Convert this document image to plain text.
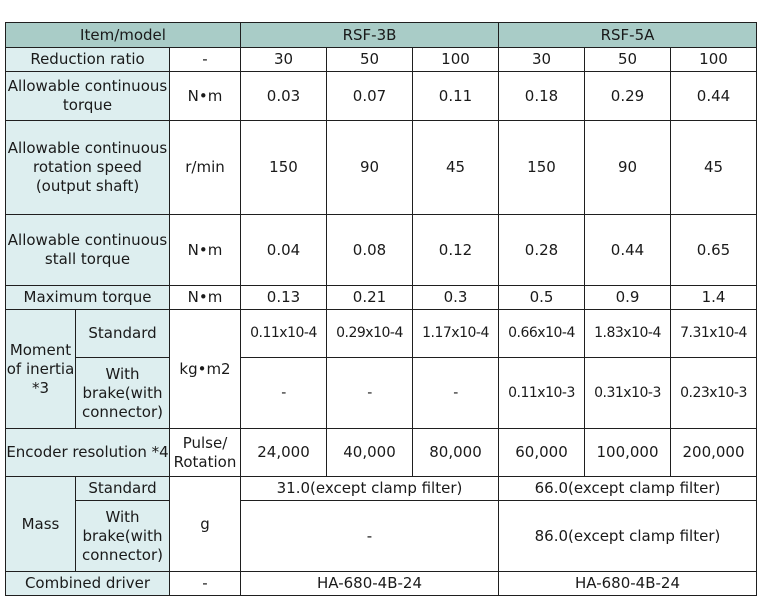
Item/model			RSF-3B			RSF-5A		
Reduction ratio		-	30	50	100	30	50	100
Allowable continuous torque		N•m	0.03	0.07	0.11	0.18	0.29	0.44
Allowable continuous rotation speed (output shaft)		r/min	150	90	45	150	90	45
Allowable continuous stall torque		N•m	0.04	0.08	0.12	0.28	0.44	0.65
Maximum torque		N•m	0.13	0.21	0.3	0.5	0.9	1.4
Moment of inertia *3	Standard	kg•m2	0.11x10-4	0.29x10-4	1.17x10-4	0.66x10-4	1.83x10-4	7.31x10-4
	With brake(with connector)		-	-	-	0.11x10-3	0.31x10-3	0.23x10-3
Encoder resolution *4		Pulse/ Rotation	24,000	40,000	80,000	60,000	100,000	200,000
Mass	Standard	g	31.0(except clamp filter)			66.0(except clamp filter)		
	With brake(with connector)		-			86.0(except clamp filter)		
Combined driver		-	HA-680-4B-24			HA-680-4B-24		
